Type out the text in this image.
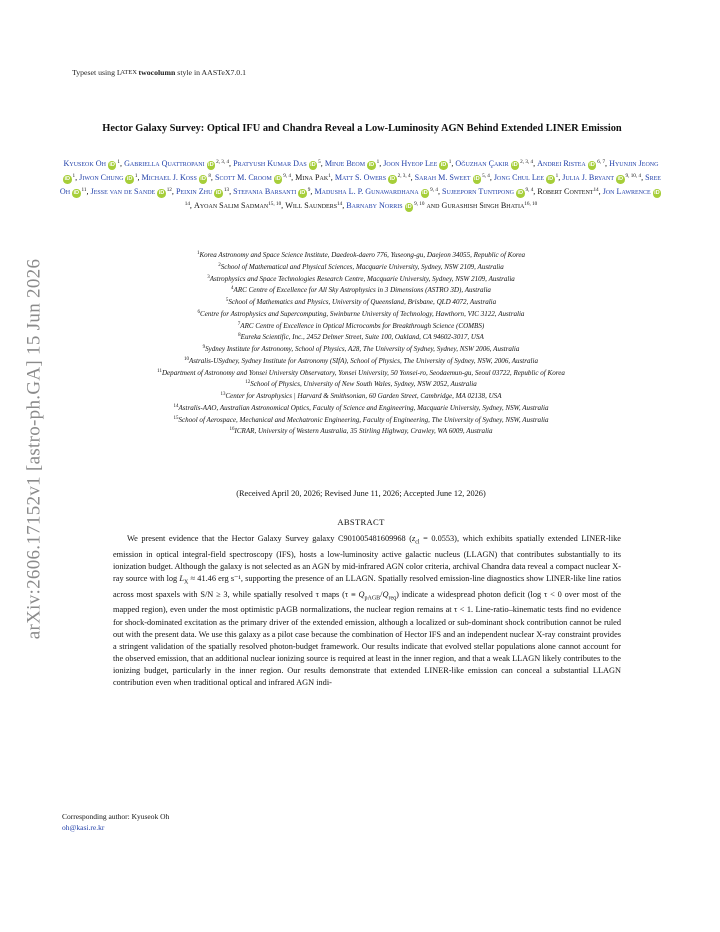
arXiv:2606.17152v1 [astro-ph.GA] 15 Jun 2026
Typeset using LATEX twocolumn style in AASTeX7.0.1
Hector Galaxy Survey: Optical IFU and Chandra Reveal a Low-Luminosity AGN Behind Extended LINER Emission
Kyuseok Oh iD $^1$, Gabriella Quattropani iD $^{2, 3, 4}$, Pratyush Kumar Das iD $^5$, Minje Beom iD $^1$, Joon Hyeop Lee iD $^1$, Oğuzhan Çakir iD $^{2, 3, 4}$, Andrei Ristea iD $^{6, 7}$, Hyunjin JeongiD $^1$, Jiwon Chung iD $^1$, Michael J. Koss iD $^8$, Scott M. Croom iD $^{9, 4}$, Mina Pak$^1$, Matt S. Owers iD $^{2, 3, 4}$, Sarah M. Sweet iD $^{5, 4}$, Jong Chul Lee iD $^1$, Julia J. Bryant iD $^{9, 10, 4}$, Sree Oh iD $^{11}$, Jesse van de Sande iD $^{12}$, Peixin Zhu iD $^{13}$, Stefania Barsanti iD $^9$, Madusha L. P. Gunawardhana iD $^{9, 4}$, Sujeeporn Tuntipong iD $^{9, 4}$, Robert Content$^{14}$, Jon Lawrence $iD^{14}$, Ayoan Salim Sadman$^{15, 10}$, Will Saunders$^{14}$, Barnaby Norris iD $^{9, 10}$ and Gurashish Singh Bhatia$^{16, 10}$
$^1$Korea Astronomy and Space Science Institute, Daedeok-daero 776, Yuseong-gu, Daejeon 34055, Republic of Korea
$^2$School of Mathematical and Physical Sciences, Macquarie University, Sydney, NSW 2109, Australia
$^3$Astrophysics and Space Technologies Research Centre, Macquarie University, Sydney, NSW 2109, Australia
$^4$ARC Centre of Excellence for All Sky Astrophysics in 3 Dimensions (ASTRO 3D), Australia
$^5$School of Mathematics and Physics, University of Queensland, Brisbane, QLD 4072, Australia
$^6$Centre for Astrophysics and Supercomputing, Swinburne University of Technology, Hawthorn, VIC 3122, Australia
$^7$ARC Centre of Excellence in Optical Microcombs for Breakthrough Science (COMBS)
$^8$Eureka Scientific, Inc., 2452 Delmer Street, Suite 100, Oakland, CA 94602-3017, USA
$^9$Sydney Institute for Astronomy, School of Physics, A28, The University of Sydney, Sydney, NSW 2006, Australia
$^{10}$Astralis-USydney, Sydney Institute for Astronomy (SIfA), School of Physics, The University of Sydney, NSW, 2006, Australia
$^{11}$Department of Astronomy and Yonsei University Observatory, Yonsei University, 50 Yonsei-ro, Seodaemun-gu, Seoul 03722, Republic of Korea
$^{12}$School of Physics, University of New South Wales, Sydney, NSW 2052, Australia
$^{13}$Center for Astrophysics | Harvard & Smithsonian, 60 Garden Street, Cambridge, MA 02138, USA
$^{14}$Astralis-AAO, Australian Astronomical Optics, Faculty of Science and Engineering, Macquarie University, Sydney, NSW, Australia
$^{15}$School of Aerospace, Mechanical and Mechatronic Engineering, Faculty of Engineering, The University of Sydney, NSW, Australia
$^{16}$ICRAR, University of Western Australia, 35 Stirling Highway, Crawley, WA 6009, Australia
(Received April 20, 2026; Revised June 11, 2026; Accepted June 12, 2026)
ABSTRACT
We present evidence that the Hector Galaxy Survey galaxy C901005481609968 $(z_{cl} = 0.0553)$, which exhibits spatially extended LINER-like emission in optical integral-field spectroscopy (IFS), hosts a low-luminosity active galactic nucleus (LLAGN) that contributes substantially to its ionization budget. Although the galaxy is not selected as an AGN by mid-infrared AGN color criteria, archival Chandra data reveal a compact nuclear X-ray source with $\log L_X \approx 41.46$ erg s⁻¹, supporting the presence of an LLAGN. Spatially resolved emission-line diagnostics show LINER-like line ratios across most spaxels with S/N ≥ 3, while spatially resolved τ maps $(\tau \equiv Q_{pAGB}/Q_{req})$ indicate a widespread photon deficit (log τ < 0 over most of the mapped region), even under the most optimistic pAGB normalizations, the nuclear region remains at τ < 1. Line-ratio–kinematic tests find no evidence for shock-dominated excitation as the primary driver of the extended emission, although a localized or sub-dominant shock contribution cannot be ruled out with the present data. We use this galaxy as a pilot case because the combination of Hector IFS and an independent nuclear X-ray constraint provides a stringent validation of the spatially resolved photon-budget framework. Our results indicate that evolved stellar populations alone cannot account for the observed emission, that an additional nuclear ionizing source is required at least in the inner region, and that a weak LLAGN likely contributes to the ionizing budget, particularly in the inner region. Our results demonstrate that extended LINER-like emission can conceal a substantial LLAGN contribution even when traditional optical and infrared AGN indi-
Corresponding author: Kyuseok Oh
oh@kasi.re.kr
